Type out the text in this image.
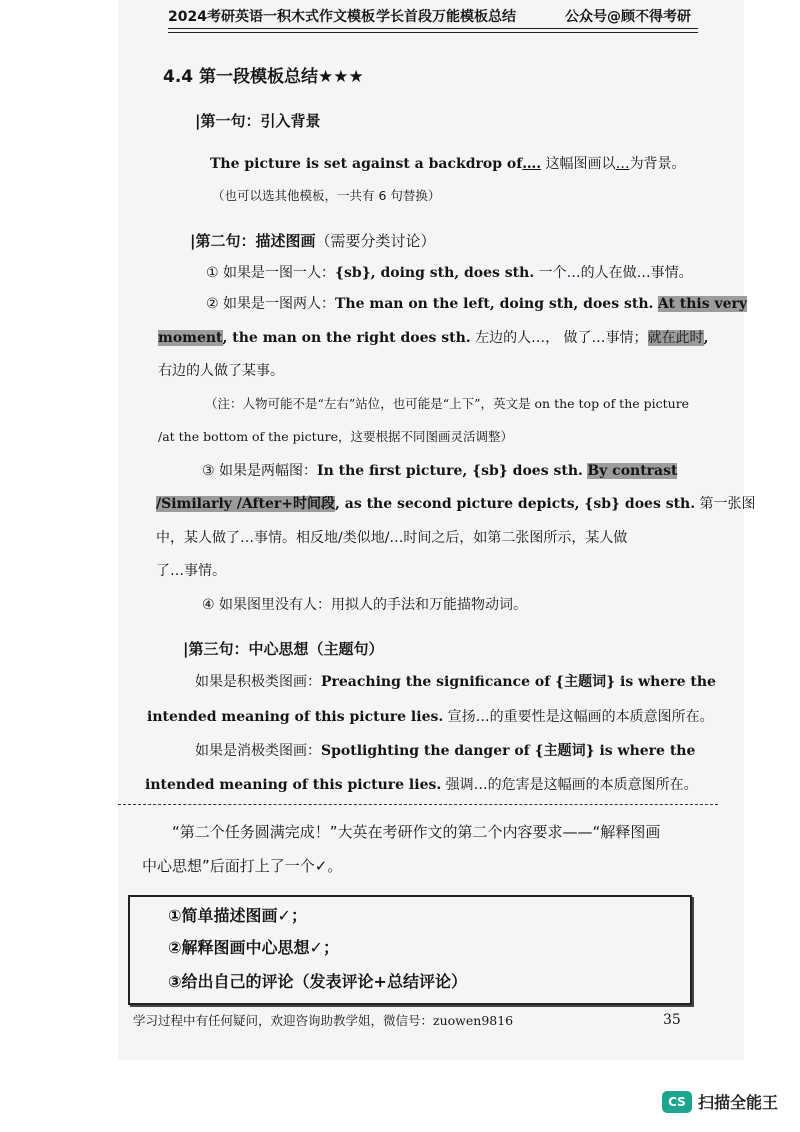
2024考研英语一积木式作文模板 学长首段万能模板总结	公众号@顾不得考研
4.4 第一段模板总结★★★
|第一句：引入背景
The picture is set against a backdrop of…. 这幅图画以…为背景。
（也可以选其他模板，一共有 6 句替换）
|第二句：描述图画（需要分类讨论）
① 如果是一图一人：{sb}, doing sth, does sth. 一个…的人在做…事情。
② 如果是一图两人：The man on the left, doing sth, does sth. At this very
moment, the man on the right does sth. 左边的人…， 做了…事情；就在此时,
右边的人做了某事。
（注：人物可能不是“左右”站位，也可能是“上下”，英文是 on the top of the picture
/at the bottom of the picture，这要根据不同图画灵活调整）
③ 如果是两幅图：In the first picture, {sb} does sth. By contrast
/Similarly /After+时间段, as the second picture depicts, {sb} does sth. 第一张图
中，某人做了…事情。相反地/类似地/…时间之后，如第二张图所示，某人做
了…事情。
④ 如果图里没有人：用拟人的手法和万能描物动词。
|第三句：中心思想（主题句）
如果是积极类图画：Preaching the significance of {主题词} is where the
intended meaning of this picture lies. 宣扬…的重要性是这幅画的本质意图所在。
如果是消极类图画：Spotlighting the danger of {主题词} is where the
intended meaning of this picture lies. 强调…的危害是这幅画的本质意图所在。
“第二个任务圆满完成！”大英在考研作文的第二个内容要求——“解释图画
中心思想”后面打上了一个✓。
①简单描述图画✓；
②解释图画中心思想✓；
③给出自己的评论（发表评论+总结评论）
学习过程中有任何疑问，欢迎咨询助教学姐，微信号：zuowen9816	35
CS 扫描全能王
